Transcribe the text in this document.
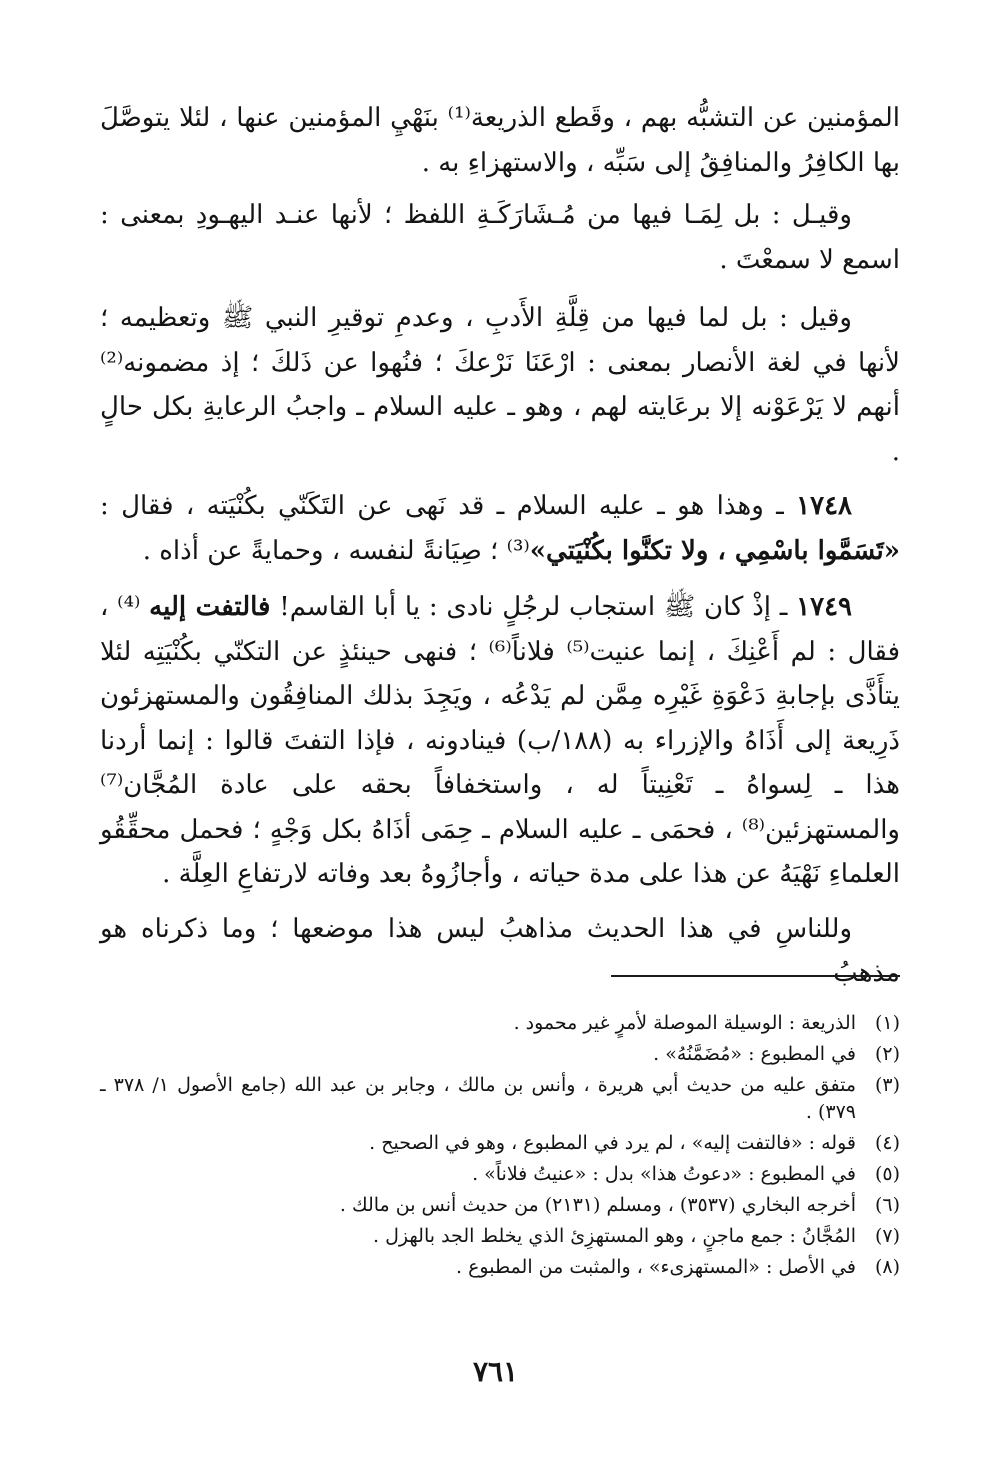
المؤمنين عن التشبُّه بهم ، وقَطع الذريعة⁽¹⁾ بنَهْيِ المؤمنين عنها ، لئلا يتوصَّلَ بها الكافِرُ والمنافِقُ إلى سَبِّه ، والاستهزاءِ به .

وقيـل : بل لِمَـا فيها من مُـشَارَكَـةِ اللفظ ؛ لأنها عنـد اليهـودِ بمعنى : اسمع لا سمعْتَ .

وقيل : بل لما فيها من قِلَّةِ الأَدبِ ، وعدمِ توقيرِ النبي ﷺ وتعظيمه ؛ لأنها في لغة الأنصار بمعنى : ارْعَنَا نَرْعكَ ؛ فنُهوا عن ذَلكَ ؛ إذ مضمونه⁽²⁾ أنهم لا يَرْعَوْنه إلا برعَايته لهم ، وهو ـ عليه السلام ـ واجبُ الرعايةِ بكل حالٍ .

١٧٤٨ ـ وهذا هو ـ عليه السلام ـ قد نَهى عن التَكَنّي بكُنْيَته ، فقال : «تَسَمَّوا باسْمِي ، ولا تكنَّوا بكُنْيَتي»⁽³⁾ ؛ صِيَانةً لنفسه ، وحمايةً عن أذاه .

١٧٤٩ ـ إذْ كان ﷺ استجاب لرجُلٍ نادى : يا أبا القاسم! فالتفت إليه ⁽⁴⁾ ، فقال : لم أَعْنِكَ ، إنما عنيت⁽⁵⁾ فلاناً⁽⁶⁾ ؛ فنهى حينئذٍ عن التكنّي بكُنْيَتِه لئلا يتأَذَّى بإجابةِ دَعْوَةِ غَيْرِه مِمَّن لم يَدْعُه ، ويَجِدَ بذلك المنافِقُون والمستهزئون ذَرِيعة إلى أَذَاهُ والإزراء به (١٨٨/ب) فينادونه ، فإذا التفتَ قالوا : إنما أردنا هذا ـ لِسواهُ ـ تَعْنِيتاً له ، واستخفافاً بحقه على عادة المُجَّان⁽⁷⁾ والمستهزئين⁽⁸⁾ ، فحمَى ـ عليه السلام ـ حِمَى أذَاهُ بكل وَجْهٍ ؛ فحمل محقِّقُو العلماءِ نَهْيَهُ عن هذا على مدة حياته ، وأجازُوهُ بعد وفاته لارتفاعِ العِلَّة .

وللناسِ في هذا الحديث مذاهبُ ليس هذا موضعها ؛ وما ذكرناه هو مذهبُ

(١)
الذريعة : الوسيلة الموصلة لأمرٍ غير محمود .
(٢)
في المطبوع : «مُضَمَّنُهُ» .
(٣)
متفق عليه من حديث أبي هريرة ، وأنس بن مالك ، وجابر بن عبد الله (جامع الأصول ١/ ٣٧٨ ـ ٣٧٩) .
(٤)
قوله : «فالتفت إليه» ، لم يرد في المطبوع ، وهو في الصحيح .
(٥)
في المطبوع : «دعوتُ هذا» بدل : «عنيتُ فلاناً» .
(٦)
أخرجه البخاري (٣٥٣٧) ، ومسلم (٢١٣١) من حديث أنس بن مالك .
(٧)
المُجَّانُ : جمع ماجنٍ ، وهو المستهزِئ الذي يخلط الجد بالهزل .
(٨)
في الأصل : «المستهزىء» ، والمثبت من المطبوع .
٧٦١
